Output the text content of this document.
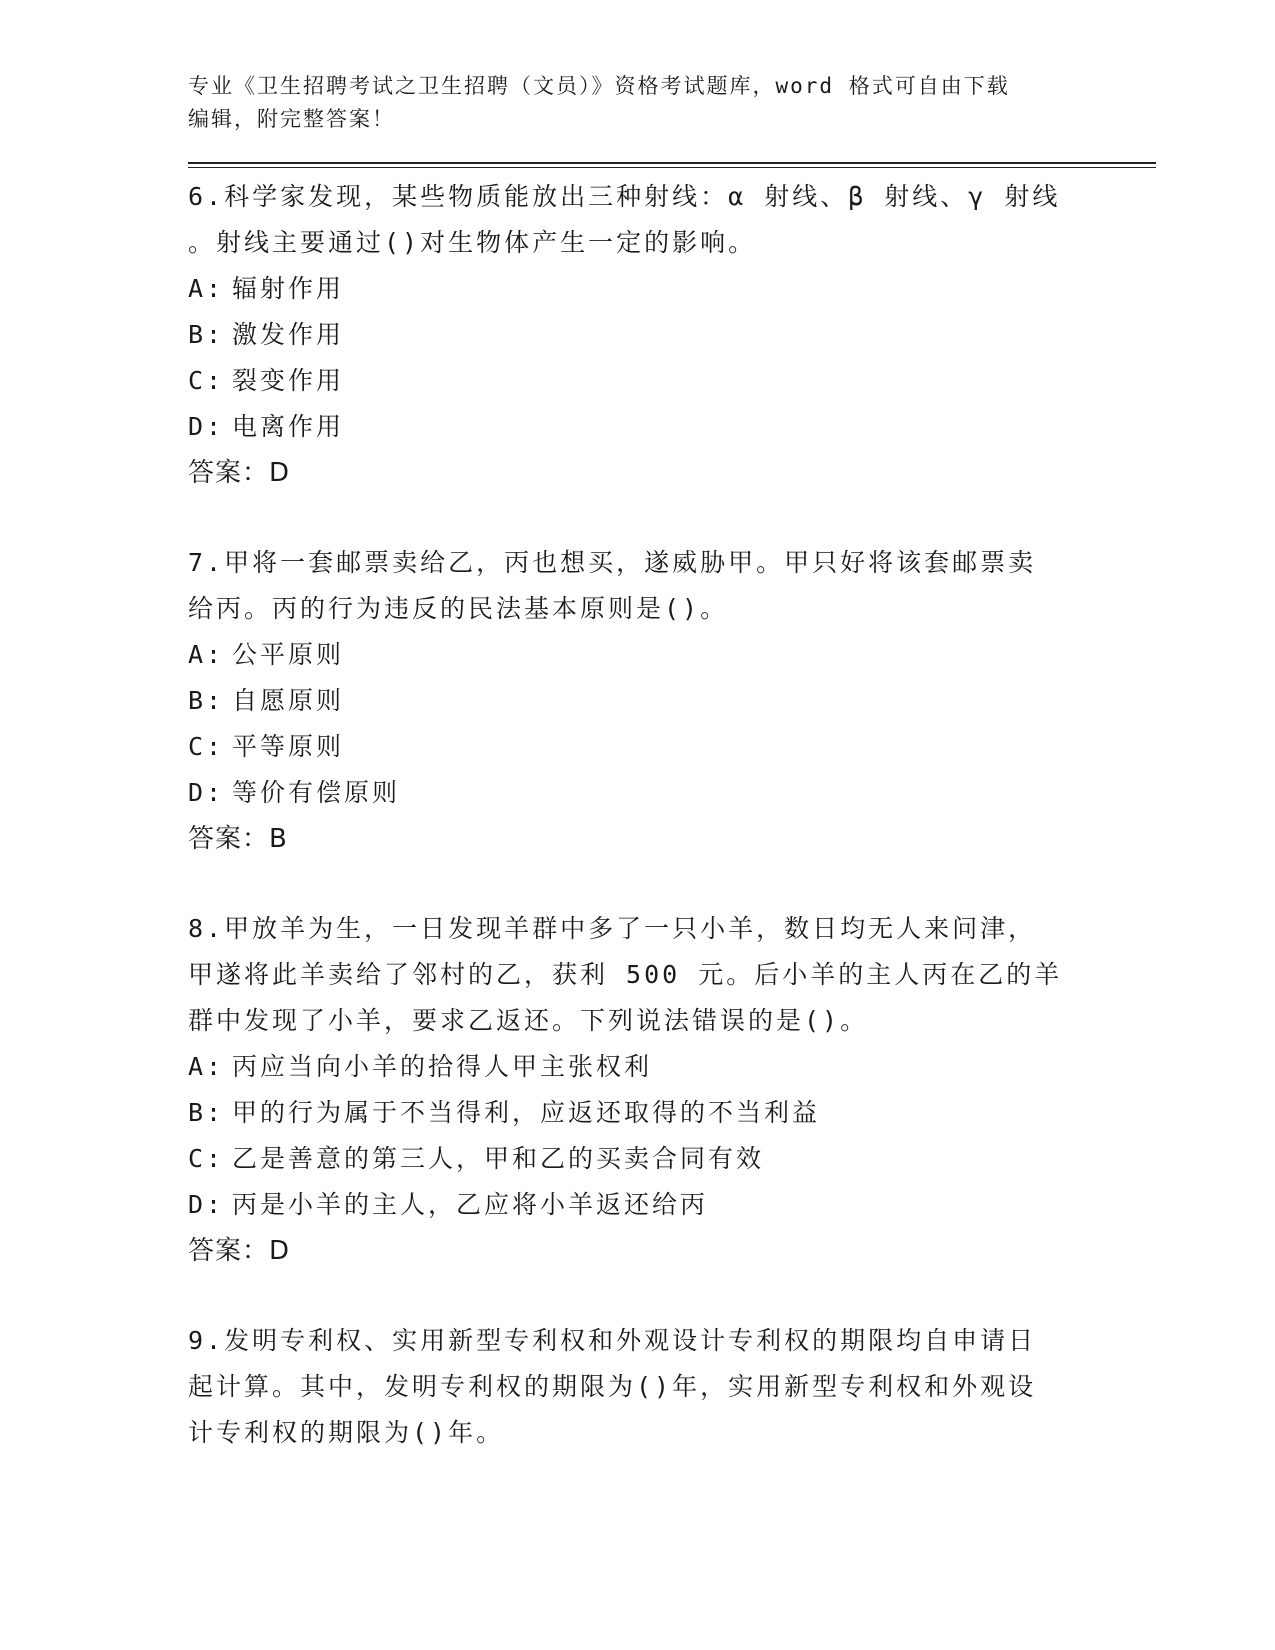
专业《卫生招聘考试之卫生招聘（文员）》资格考试题库，word 格式可自由下载

编辑，附完整答案！

6.科学家发现，某些物质能放出三种射线：α 射线、β 射线、γ 射线

。射线主要通过()对生物体产生一定的影响。

A: 辐射作用

B: 激发作用

C: 裂变作用

D: 电离作用

答案：D

7.甲将一套邮票卖给乙，丙也想买，遂威胁甲。甲只好将该套邮票卖

给丙。丙的行为违反的民法基本原则是()。

A: 公平原则

B: 自愿原则

C: 平等原则

D: 等价有偿原则

答案：B

8.甲放羊为生，一日发现羊群中多了一只小羊，数日均无人来问津，

甲遂将此羊卖给了邻村的乙，获利 500 元。后小羊的主人丙在乙的羊

群中发现了小羊，要求乙返还。下列说法错误的是()。

A: 丙应当向小羊的拾得人甲主张权利

B: 甲的行为属于不当得利，应返还取得的不当利益

C: 乙是善意的第三人，甲和乙的买卖合同有效

D: 丙是小羊的主人，乙应将小羊返还给丙

答案：D

9.发明专利权、实用新型专利权和外观设计专利权的期限均自申请日

起计算。其中，发明专利权的期限为()年，实用新型专利权和外观设

计专利权的期限为()年。
